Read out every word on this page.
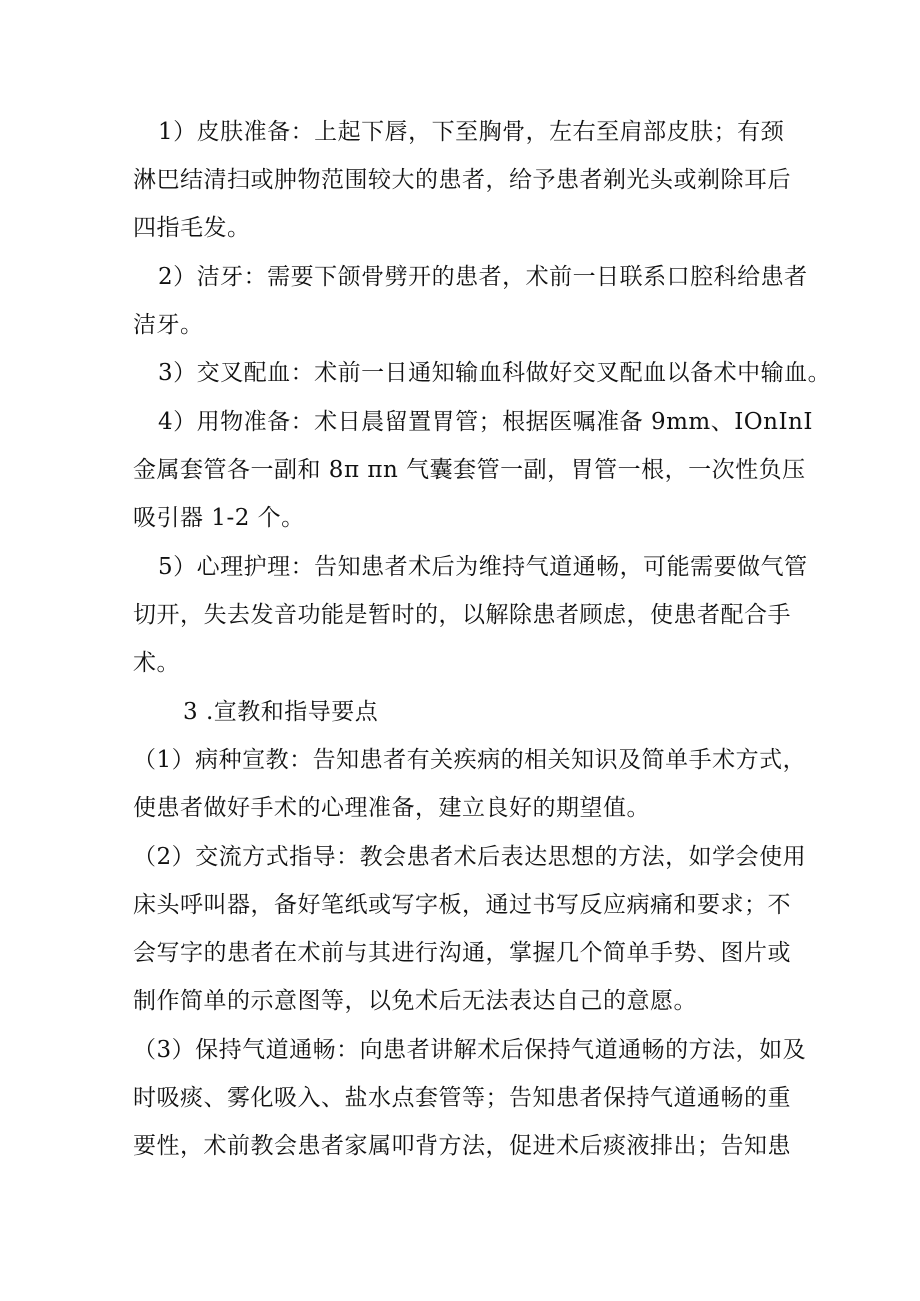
1）皮肤准备：上起下唇，下至胸骨，左右至肩部皮肤；有颈
淋巴结清扫或肿物范围较大的患者，给予患者剃光头或剃除耳后
四指毛发。
2）洁牙：需要下颌骨劈开的患者，术前一日联系口腔科给患者
洁牙。
3）交叉配血：术前一日通知输血科做好交叉配血以备术中输血。
4）用物准备：术日晨留置胃管；根据医嘱准备 9mm、IOnInI
金属套管各一副和 8π πn 气囊套管一副，胃管一根，一次性负压
吸引器 1-2 个。
5）心理护理：告知患者术后为维持气道通畅，可能需要做气管
切开，失去发音功能是暂时的，以解除患者顾虑，使患者配合手
术。
3 .宣教和指导要点
（1）病种宣教：告知患者有关疾病的相关知识及简单手术方式，
使患者做好手术的心理准备，建立良好的期望值。
（2）交流方式指导：教会患者术后表达思想的方法，如学会使用
床头呼叫器，备好笔纸或写字板，通过书写反应病痛和要求；不
会写字的患者在术前与其进行沟通，掌握几个简单手势、图片或
制作简单的示意图等，以免术后无法表达自己的意愿。
（3）保持气道通畅：向患者讲解术后保持气道通畅的方法，如及
时吸痰、雾化吸入、盐水点套管等；告知患者保持气道通畅的重
要性，术前教会患者家属叩背方法，促进术后痰液排出；告知患
